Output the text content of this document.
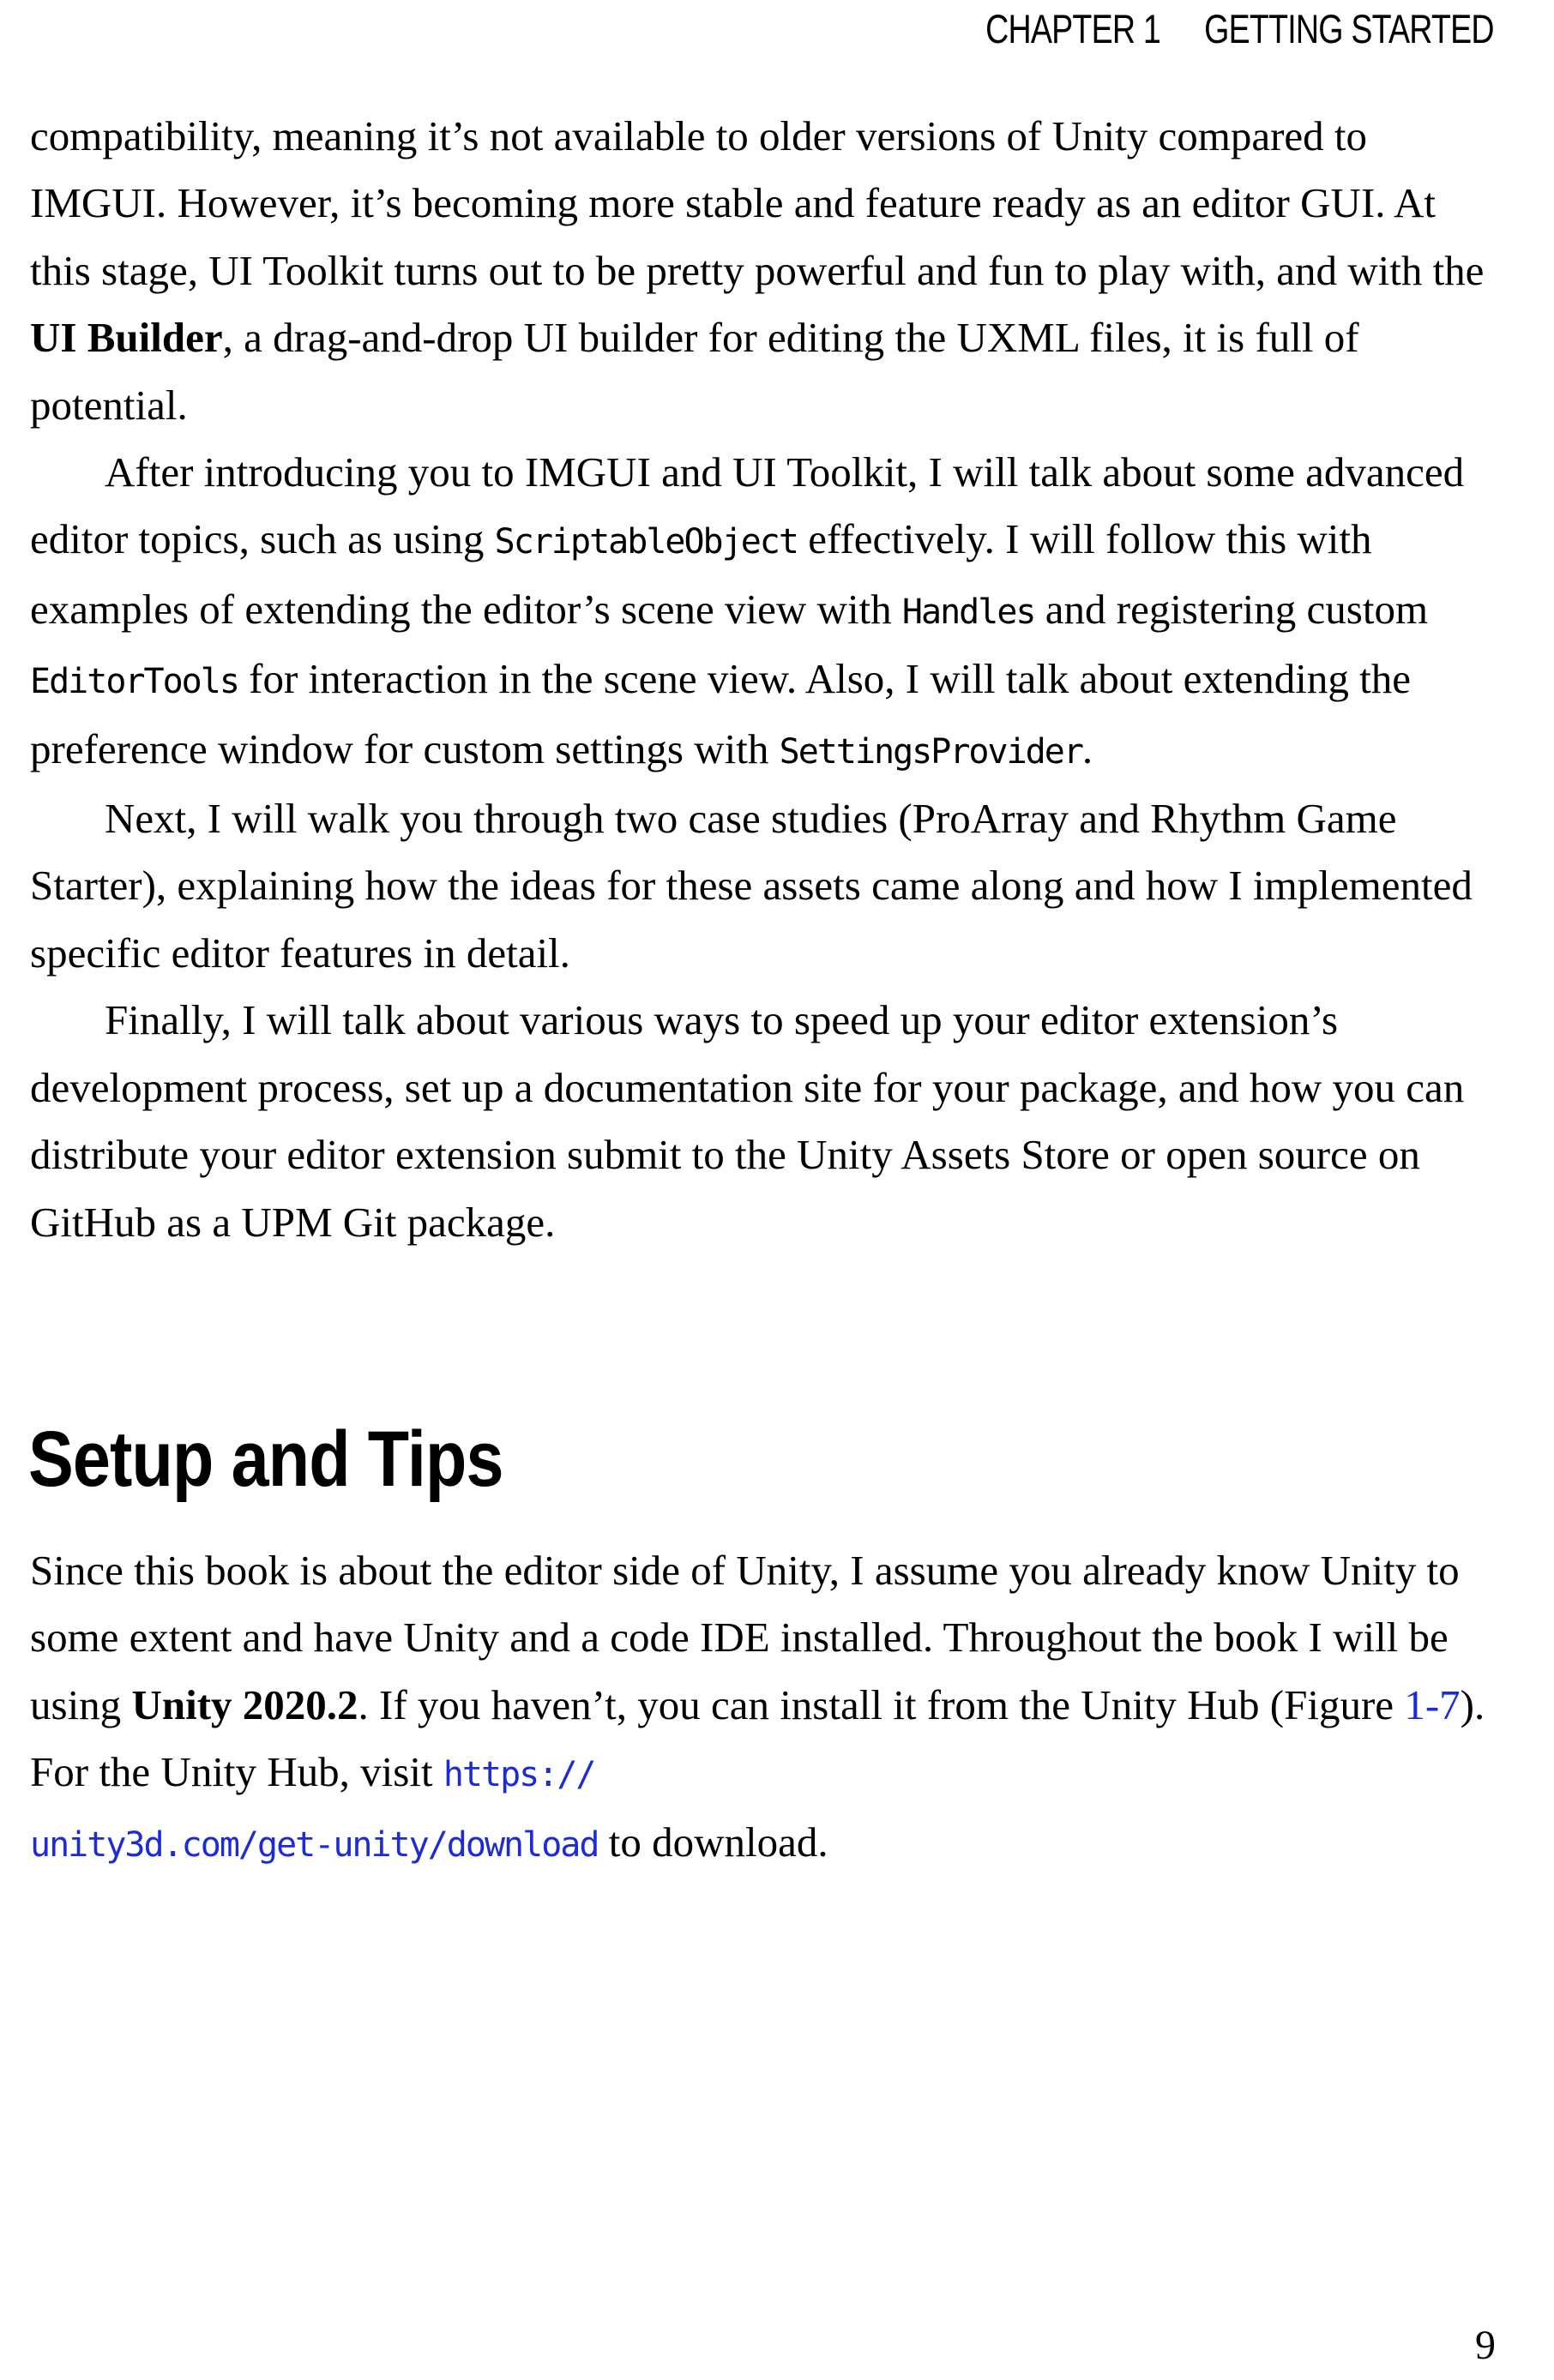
CHAPTER 1 GETTING STARTED

compatibility, meaning it’s not available to older versions of Unity compared to IMGUI. However, it’s becoming more stable and feature ready as an editor GUI. At this stage, UI Toolkit turns out to be pretty powerful and fun to play with, and with the UI Builder, a drag-and-drop UI builder for editing the UXML files, it is full of potential.

After introducing you to IMGUI and UI Toolkit, I will talk about some advanced editor topics, such as using ScriptableObject effectively. I will follow this with examples of extending the editor’s scene view with Handles and registering custom EditorTools for interaction in the scene view. Also, I will talk about extending the preference window for custom settings with SettingsProvider.

Next, I will walk you through two case studies (ProArray and Rhythm Game Starter), explaining how the ideas for these assets came along and how I implemented specific editor features in detail.

Finally, I will talk about various ways to speed up your editor extension’s development process, set up a documentation site for your package, and how you can distribute your editor extension submit to the Unity Assets Store or open source on GitHub as a UPM Git package.

Setup and Tips

Since this book is about the editor side of Unity, I assume you already know Unity to some extent and have Unity and a code IDE installed. Throughout the book I will be using Unity 2020.2. If you haven’t, you can install it from the Unity Hub (Figure 1-7). For the Unity Hub, visit https://
unity3d.com/get-unity/download to download.

9
